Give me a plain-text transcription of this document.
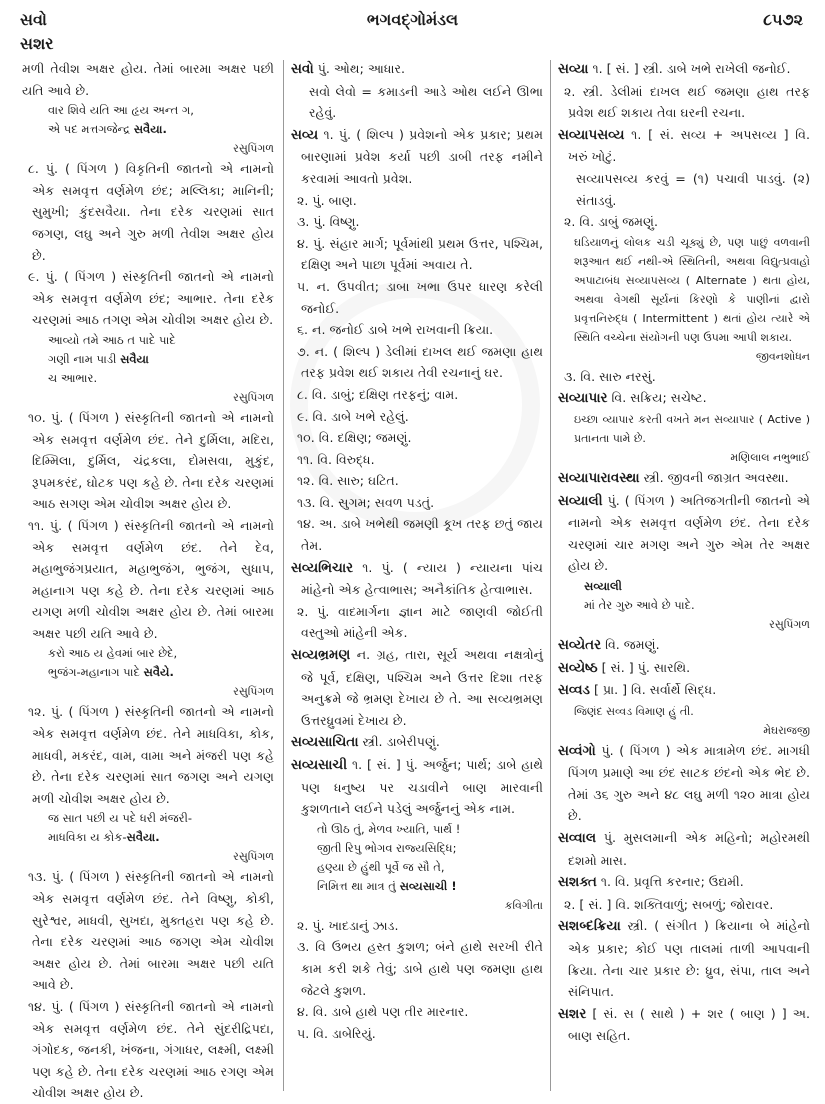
સવો
સશર
ભગવદ્ગોમંડલ	૮૫૭૨

મળી તેવીશ અક્ષર હોય. તેમાં બારમા અક્ષર પછી યતિ આવે છે.

વાર શિવે યતિ આ હૃય અન્ત ગ,
એ પદ મત્તગજેન્દ્ર સવૈયા.

રસુપિંગળ

૮. પું. ( પિંગળ ) વિકૃતિની જાતનો એ નામનો એક સમવૃત્ત વર્ણમેળ છંદ; મલ્લિકા; માનિની; સુમુખી; કુંદસવૈયા. તેના દરેક ચરણમાં સાત જગણ, લઘુ અને ગુરુ મળી તેવીશ અક્ષર હોય છે.

૯. પું. ( પિંગળ ) સંસ્કૃતિની જાતનો એ નામનો એક સમવૃત્ત વર્ણમેળ છંદ; આભાર. તેના દરેક ચરણમાં આઠ તગણ એમ ચોવીશ અક્ષર હોય છે.

આવ્યો તમે આઠ ત પાદે પાદે
ગણી નામ પાડી સવૈયા
ચ આભાર.

રસુપિંગળ

૧૦. પું. ( પિંગળ ) સંસ્કૃતિની જાતનો એ નામનો એક સમવૃત્ત વર્ણમેળ છંદ. તેને દુર્મિલા, મદિરા, દિમ્મિલા, દુર્મિલ, ચંદ્રકલા, દોમસવા, મુકુંદ, રૂપમકરંદ, ઘોટક પણ કહે છે. તેના દરેક ચરણમાં આઠ સગણ એમ ચોવીશ અક્ષર હોય છે.

૧૧. પું. ( પિંગળ ) સંસ્કૃતિની જાતનો એ નામનો એક સમવૃત્ત વર્ણમેળ છંદ. તેને દેવ, મહાભુજંગપ્રયાત, મહાભુજંગ, ભુજંગ, સુધાપ, મહાનાગ પણ કહે છે. તેના દરેક ચરણમાં આઠ યગણ મળી ચોવીશ અક્ષર હોય છે. તેમાં બારમા અક્ષર પછી યતિ આવે છે.

કરો આઠ ય હેવમાં બાર છેદે,
ભુજંગ-મહાનાગ પાદે સવૈયે.

રસુપિંગળ

૧૨. પું. ( પિંગળ ) સંસ્કૃતિની જાતનો એ નામનો એક સમવૃત્ત વર્ણમેળ છંદ. તેને માધવિકા, કોક, માધવી, મકરંદ, વામ, વામા અને મંજરી પણ કહે છે. તેના દરેક ચરણમાં સાત જગણ અને યગણ મળી ચોવીશ અક્ષર હોય છે.

જ સાત પછી ય પદે ધરી મંજરી-
માધવિકા ય કોક-સવૈયા.

રસુપિંગળ

૧૩. પું. ( પિંગળ ) સંસ્કૃતિની જાતનો એ નામનો એક સમવૃત્ત વર્ણમેળ છંદ. તેને વિષ્ણુ, કોકી, સુરેશ્વર, માધવી, સુખદા, મુક્તહરા પણ કહે છે. તેના દરેક ચરણમાં આઠ જગણ એમ ચોવીશ અક્ષર હોય છે. તેમાં બારમા અક્ષર પછી યતિ આવે છે.

૧૪. પું. ( પિંગળ ) સંસ્કૃતિની જાતનો એ નામનો એક સમવૃત્ત વર્ણમેળ છંદ. તેને સુંદરીદ્રિપદા, ગંગોદક, જનકી, ખંજના, ગંગાધર, લક્ષ્મી, લક્ષ્મી પણ કહે છે. તેના દરેક ચરણમાં આઠ રગણ એમ ચોવીશ અક્ષર હોય છે.

સવો પું. ઓથ; આધાર.

સવો લેવો = કમાડની આડે ઓથ લઈને ઊભા રહેવું.

સવ્ય ૧. પું. ( શિલ્પ ) પ્રવેશનો એક પ્રકાર; પ્રથમ બારણામાં પ્રવેશ કર્યા પછી ડાબી તરફ નમીને કરવામાં આવતો પ્રવેશ.

૨. પું. બાણ.

૩. પું. વિષ્ણુ.

૪. પું. સંહાર માર્ગ; પૂર્વમાંથી પ્રથમ ઉત્તર, પશ્ચિમ, દક્ષિણ અને પાછા પૂર્વમાં અવાય તે.

૫. ન. ઉપવીત; ડાબા ખભા ઉપર ધારણ કરેલી જનોઈ.

૬. ન. જનોઈ ડાબે ખભે રાખવાની ક્રિયા.

૭. ન. ( શિલ્પ ) ડેલીમાં દાખલ થઈ જમણા હાથ તરફ પ્રવેશ થઈ શકાય તેવી રચનાનું ઘર.

૮. વિ. ડાબું; દક્ષિણ તરફનું; વામ.

૯. વિ. ડાબે ખભે રહેલું.

૧૦. વિ. દક્ષિણ; જમણું.

૧૧. વિ. વિરુદ્ધ.

૧૨. વિ. સારુ; ઘટિત.

૧૩. વિ. સુગમ; સવળ પડતું.

૧૪. અ. ડાબે ખભેથી જમણી કૂખ તરફ છતું જાય તેમ.

સવ્યભિચાર ૧. પું. ( ન્યાય ) ન્યાયના પાંચ માંહેનો એક હેત્વાભાસ; અનૈકાંતિક હેત્વાભાસ.

૨. પું. વાદમાર્ગના જ્ઞાન માટે જાણવી જોઈતી વસ્તુઓ માંહેની એક.

સવ્યભ્રમણ ન. ગ્રહ, તારા, સૂર્ય અથવા નક્ષત્રોનું જે પૂર્વ, દક્ષિણ, પશ્ચિમ અને ઉત્તર દિશા તરફ અનુક્રમે જે ભ્રમણ દેખાય છે તે. આ સવ્યભ્રમણ ઉત્તરધ્રુવમાં દેખાય છે.

સવ્યસાચિતા સ્ત્રી. ડાબેરીપણું.

સવ્યસાચી ૧. [ સં. ] પું. અર્જુન; પાર્થ; ડાબે હાથે પણ ધનુષ્ય પર ચડાવીને બાણ મારવાની કુશળતાને લઈને પડેલું અર્જુનનું એક નામ.

તો ઊઠ તું, મેળવ ખ્યાતિ, પાર્થ !
જીતી રિપુ ભોગવ રાજ્યસિદ્ધિ;
હણ્યા છે હુંથી પૂર્વે જ સૌ તે,
નિમિત્ત થા માત્ર તું સવ્યસાચી !

કવિગીતા

૨. પું. ખાદડાનું ઝાડ.

૩. વિ ઉભય હસ્ત કુશળ; બંને હાથે સરખી રીતે કામ કરી શકે તેવું; ડાબે હાથે પણ જમણા હાથ જેટલે કુશળ.

૪. વિ. ડાબે હાથે પણ તીર મારનાર.

૫. વિ. ડાબેરિયું.

સવ્યા ૧. [ સં. ] સ્ત્રી. ડાબે ખભે રાખેલી જનોઈ.

૨. સ્ત્રી. ડેલીમાં દાખલ થઈ જમણા હાથ તરફ પ્રવેશ થઈ શકાય તેવા ઘરની રચના.

સવ્યાપસવ્ય ૧. [ સં. સવ્ય + અપસવ્ય ] વિ. ખરું ખોટું.

સવ્યાપસવ્ય કરવું = (૧) પચાવી પાડવું. (૨) સંતાડવું.

૨. વિ. ડાબું જમણું.

ઘડિયાળનું લોલક ચડી ચૂક્યું છે, પણ પાછું વળવાની શરૂઆત થઈ નથી-એ સ્થિતિની, અથવા વિદ્યુત્પ્રવાહો અપાટાબંધ સવ્યાપસવ્ય ( Alternate ) થતા હોય, અથવા વેગથી સૂર્યનાં કિરણો કે પાણીનાં દ્વારો પ્રવૃત્તનિરુદ્ધ ( Intermittent ) થતાં હોય ત્યારે એ સ્થિતિ વચ્ચેના સંયોગની પણ ઉપમા આપી શકાય.

જીવનશોધન

૩. વિ. સારુ નરસું.

સવ્યાપાર વિ. સક્રિય; સચેષ્ટ.

ઇચ્છા વ્યાપાર કરતી વખતે મન સવ્યાપાર ( Active ) પ્રતાનતા પામે છે.

મણિલાલ નભુભાઈ

સવ્યાપારાવસ્થા સ્ત્રી. જીવની જાગ્રત અવસ્થા.

સવ્યાલી પું. ( પિંગળ ) અતિજગતીની જાતનો એ નામનો એક સમવૃત્ત વર્ણમેળ છંદ. તેના દરેક ચરણમાં ચાર મગણ અને ગુરુ એમ તેર અક્ષર હોય છે.

સવ્યાલી
માં તેર ગુરુ આવે છે પાદે.

રસુપિંગળ

સવ્યેતર વિ. જમણું.

સવ્યેષ્ઠ [ સં. ] પું. સારથિ.

સવ્વડ [ પ્રા. ] વિ. સર્વાર્થે સિદ્ધ.

જિણંદ સવ્વડ વિમાણ હું તી.

મેઘરાજજી

સવ્વંગો પું. ( પિંગળ ) એક માત્રામેળ છંદ. માગધી પિંગળ પ્રમાણે આ છંદ સાટક છંદનો એક ભેદ છે. તેમાં ૩૬ ગુરુ અને ૪૮ લઘુ મળી ૧૨૦ માત્રા હોય છે.

સવ્વાલ પું. મુસલમાની એક મહિનો; મહોરમથી દશમો માસ.

સશક્ત ૧. વિ. પ્રવૃત્તિ કરનાર; ઉદ્યમી.

૨. [ સં. ] વિ. શક્તિવાળું; સબળું; જોરાવર.

સશબ્દક્રિયા સ્ત્રી. ( સંગીત ) ક્રિયાના બે માંહેનો એક પ્રકાર; કોઈ પણ તાલમાં તાળી આપવાની ક્રિયા. તેના ચાર પ્રકાર છે: ધ્રુવ, સંપા, તાલ અને સંનિપાત.

સશર [ સં. સ ( સાથે ) + શર ( બાણ ) ] અ. બાણ સહિત.
